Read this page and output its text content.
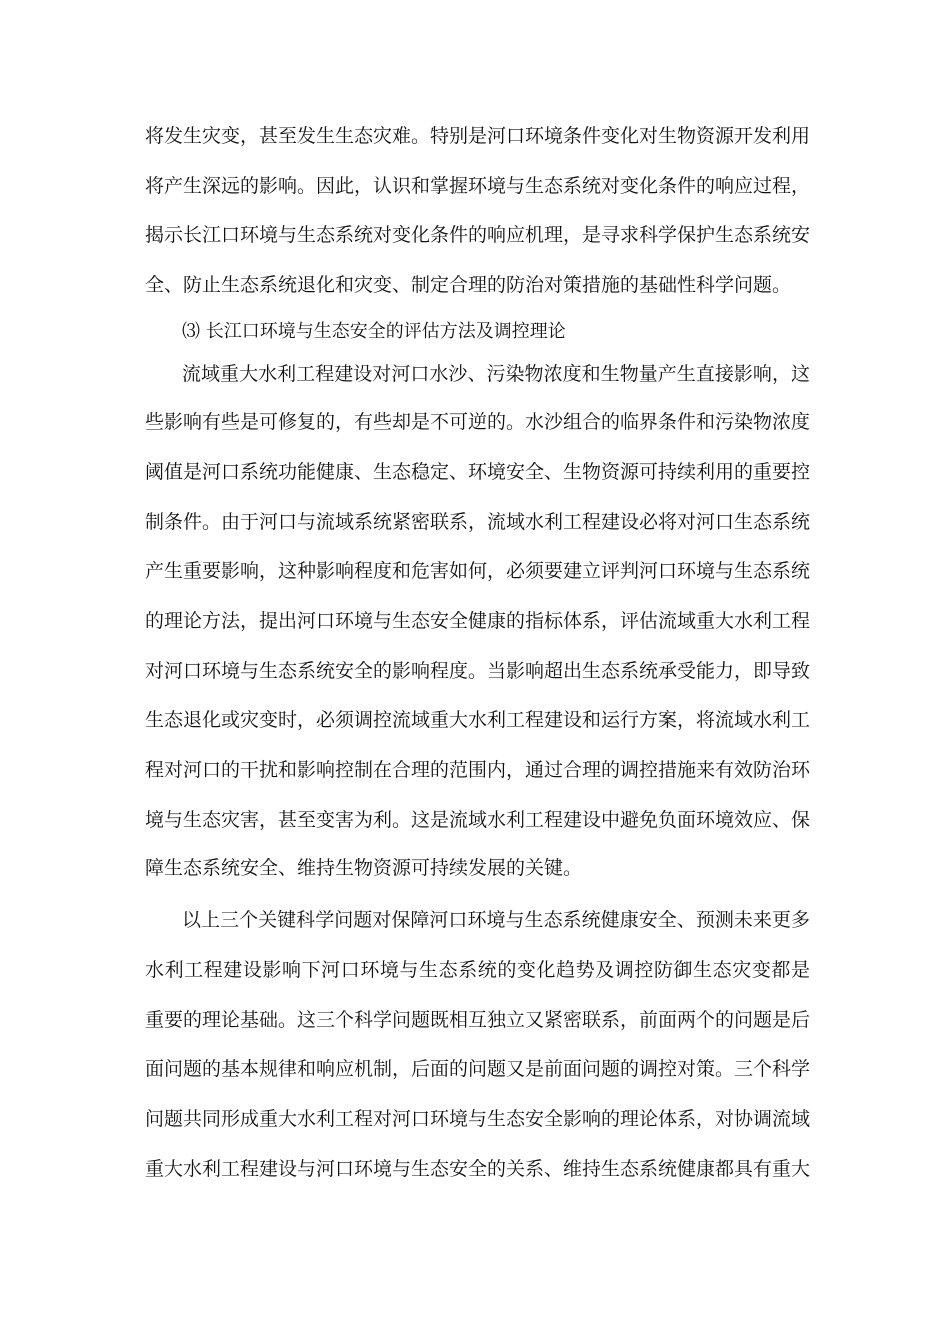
将发生灾变，甚至发生生态灾难。特别是河口环境条件变化对生物资源开发利用
将产生深远的影响。因此，认识和掌握环境与生态系统对变化条件的响应过程，
揭示长江口环境与生态系统对变化条件的响应机理，是寻求科学保护生态系统安
全、防止生态系统退化和灾变、制定合理的防治对策措施的基础性科学问题。
⑶ 长江口环境与生态安全的评估方法及调控理论
流域重大水利工程建设对河口水沙、污染物浓度和生物量产生直接影响，这
些影响有些是可修复的，有些却是不可逆的。水沙组合的临界条件和污染物浓度
阈值是河口系统功能健康、生态稳定、环境安全、生物资源可持续利用的重要控
制条件。由于河口与流域系统紧密联系，流域水利工程建设必将对河口生态系统
产生重要影响，这种影响程度和危害如何，必须要建立评判河口环境与生态系统
的理论方法，提出河口环境与生态安全健康的指标体系，评估流域重大水利工程
对河口环境与生态系统安全的影响程度。当影响超出生态系统承受能力，即导致
生态退化或灾变时，必须调控流域重大水利工程建设和运行方案，将流域水利工
程对河口的干扰和影响控制在合理的范围内，通过合理的调控措施来有效防治环
境与生态灾害，甚至变害为利。这是流域水利工程建设中避免负面环境效应、保
障生态系统安全、维持生物资源可持续发展的关键。
以上三个关键科学问题对保障河口环境与生态系统健康安全、预测未来更多
水利工程建设影响下河口环境与生态系统的变化趋势及调控防御生态灾变都是
重要的理论基础。这三个科学问题既相互独立又紧密联系，前面两个的问题是后
面问题的基本规律和响应机制，后面的问题又是前面问题的调控对策。三个科学
问题共同形成重大水利工程对河口环境与生态安全影响的理论体系，对协调流域
重大水利工程建设与河口环境与生态安全的关系、维持生态系统健康都具有重大
